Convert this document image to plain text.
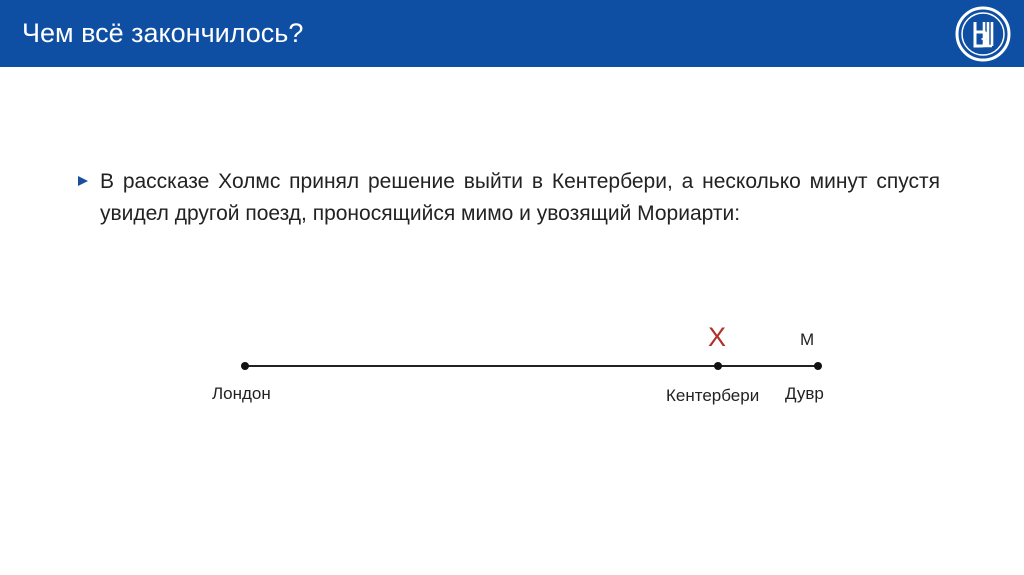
Чем всё закончилось?
В рассказе Холмс принял решение выйти в Кентербери, а несколько минут спустя увидел другой поезд, проносящийся мимо и увозящий Мориарти:
X	М
Лондон	Кентербери Дувр
